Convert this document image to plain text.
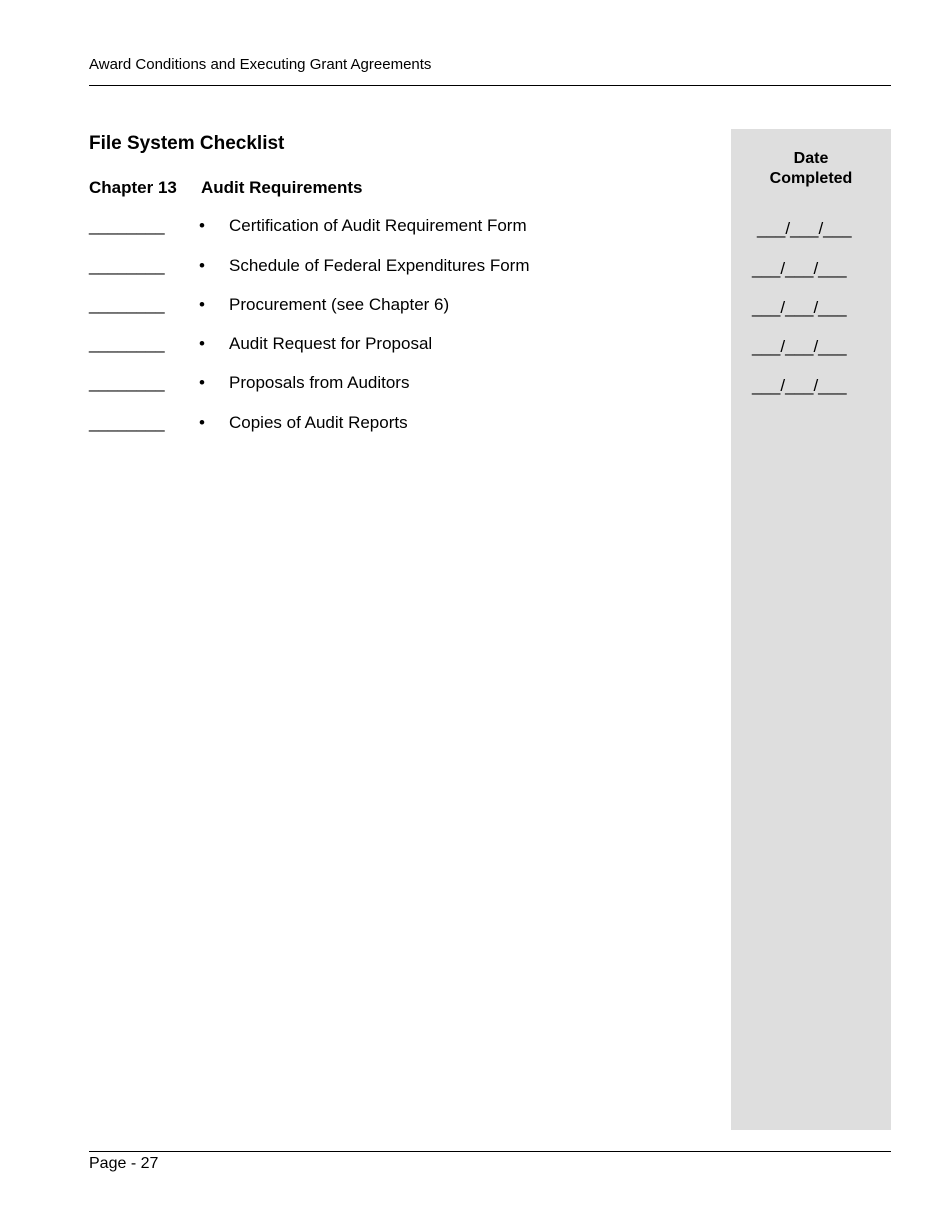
Award Conditions and Executing Grant Agreements
Date Completed
File System Checklist
Chapter 13 Audit Requirements
________ • Certification of Audit Requirement Form	___/___/___
________ • Schedule of Federal Expenditures Form	___/___/___
________ • Procurement (see Chapter 6)	___/___/___
________ • Audit Request for Proposal	___/___/___
________ • Proposals from Auditors	___/___/___
________ • Copies of Audit Reports
Page - 27
